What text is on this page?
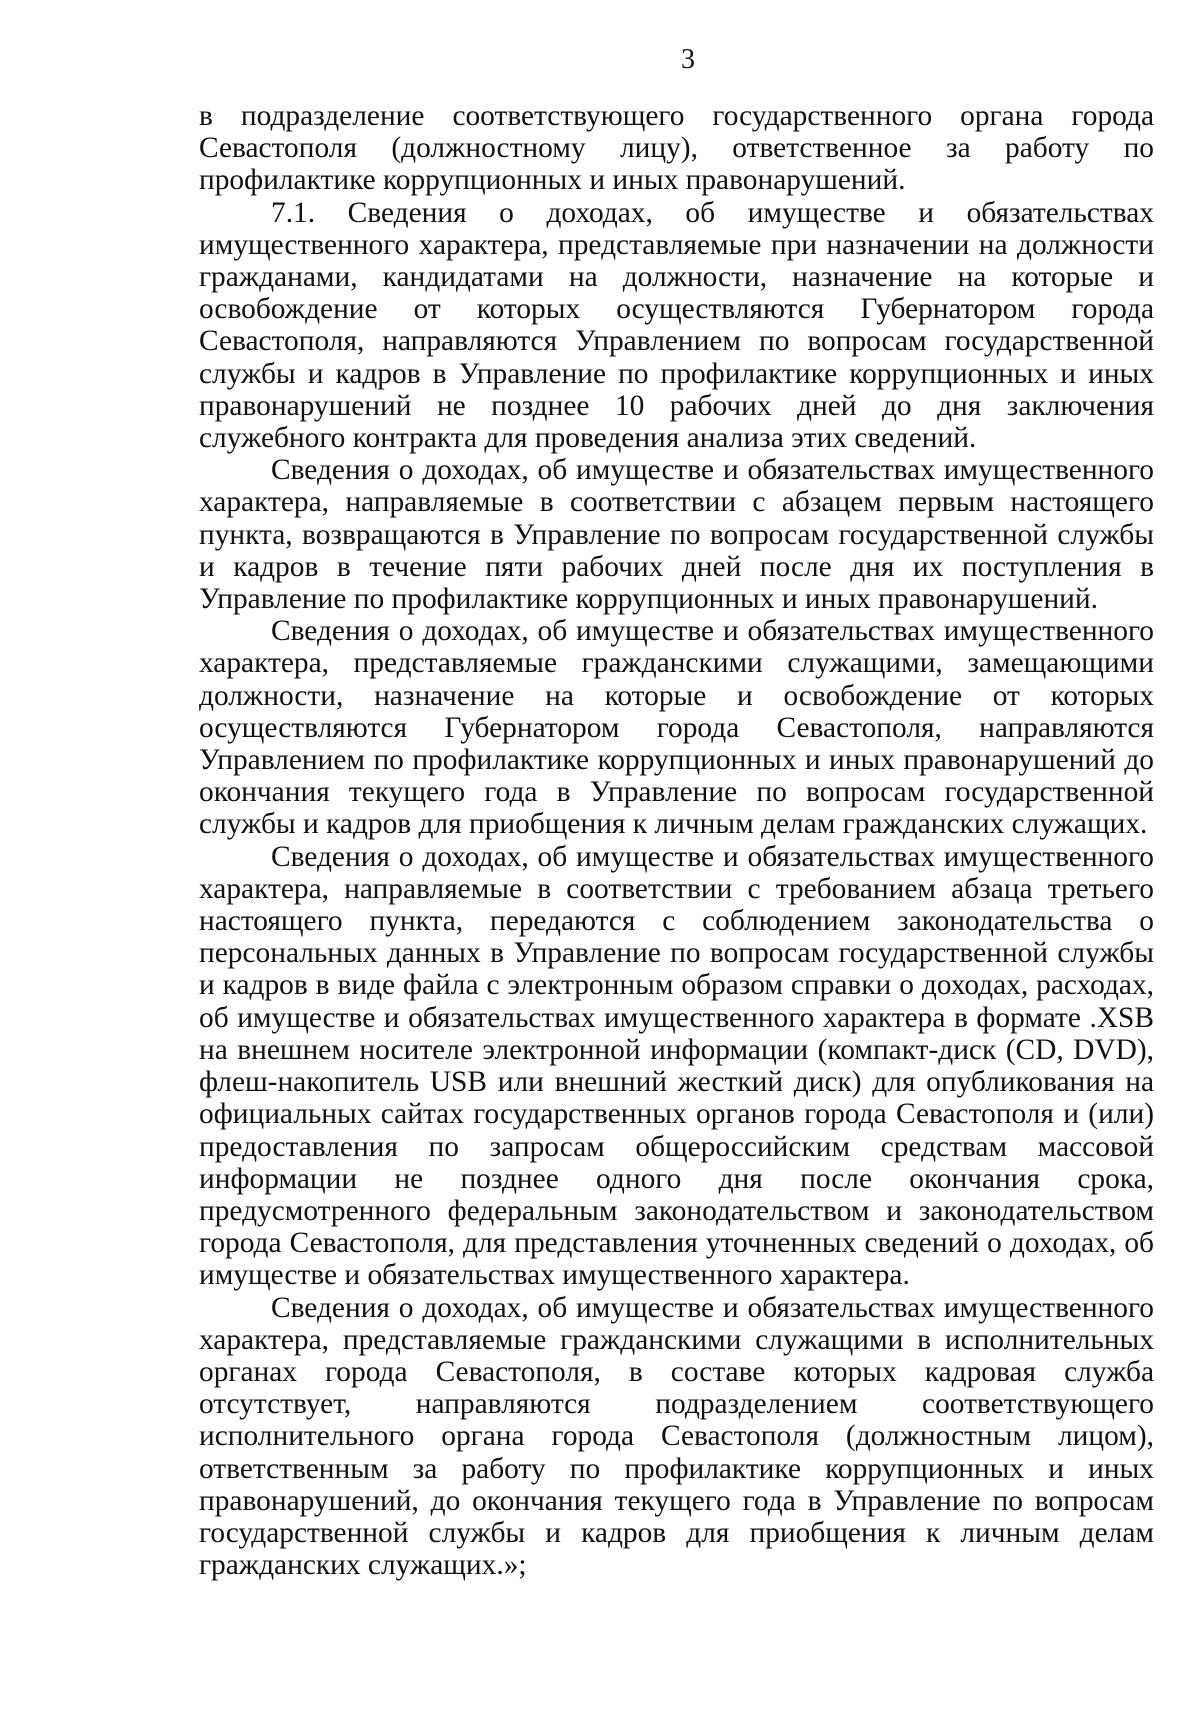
3

в подразделение соответствующего государственного органа города Севастополя (должностному лицу), ответственное за работу по профилактике коррупционных и иных правонарушений.

7.1. Сведения о доходах, об имуществе и обязательствах имущественного характера, представляемые при назначении на должности гражданами, кандидатами на должности, назначение на которые и освобождение от которых осуществляются Губернатором города Севастополя, направляются Управлением по вопросам государственной службы и кадров в Управление по профилактике коррупционных и иных правонарушений не позднее 10 рабочих дней до дня заключения служебного контракта для проведения анализа этих сведений.

Сведения о доходах, об имуществе и обязательствах имущественного характера, направляемые в соответствии с абзацем первым настоящего пункта, возвращаются в Управление по вопросам государственной службы и кадров в течение пяти рабочих дней после дня их поступления в Управление по профилактике коррупционных и иных правонарушений.

Сведения о доходах, об имуществе и обязательствах имущественного характера, представляемые гражданскими служащими, замещающими должности, назначение на которые и освобождение от которых осуществляются Губернатором города Севастополя, направляются Управлением по профилактике коррупционных и иных правонарушений до окончания текущего года в Управление по вопросам государственной службы и кадров для приобщения к личным делам гражданских служащих.

Сведения о доходах, об имуществе и обязательствах имущественного характера, направляемые в соответствии с требованием абзаца третьего настоящего пункта, передаются с соблюдением законодательства о персональных данных в Управление по вопросам государственной службы и кадров в виде файла с электронным образом справки о доходах, расходах, об имуществе и обязательствах имущественного характера в формате .XSB на внешнем носителе электронной информации (компакт-диск (CD, DVD), флеш-накопитель USB или внешний жесткий диск) для опубликования на официальных сайтах государственных органов города Севастополя и (или) предоставления по запросам общероссийским средствам массовой информации не позднее одного дня после окончания срока, предусмотренного федеральным законодательством и законодательством города Севастополя, для представления уточненных сведений о доходах, об имуществе и обязательствах имущественного характера.

Сведения о доходах, об имуществе и обязательствах имущественного характера, представляемые гражданскими служащими в исполнительных органах города Севастополя, в составе которых кадровая служба отсутствует, направляются подразделением соответствующего исполнительного органа города Севастополя (должностным лицом), ответственным за работу по профилактике коррупционных и иных правонарушений, до окончания текущего года в Управление по вопросам государственной службы и кадров для приобщения к личным делам гражданских служащих.»;
